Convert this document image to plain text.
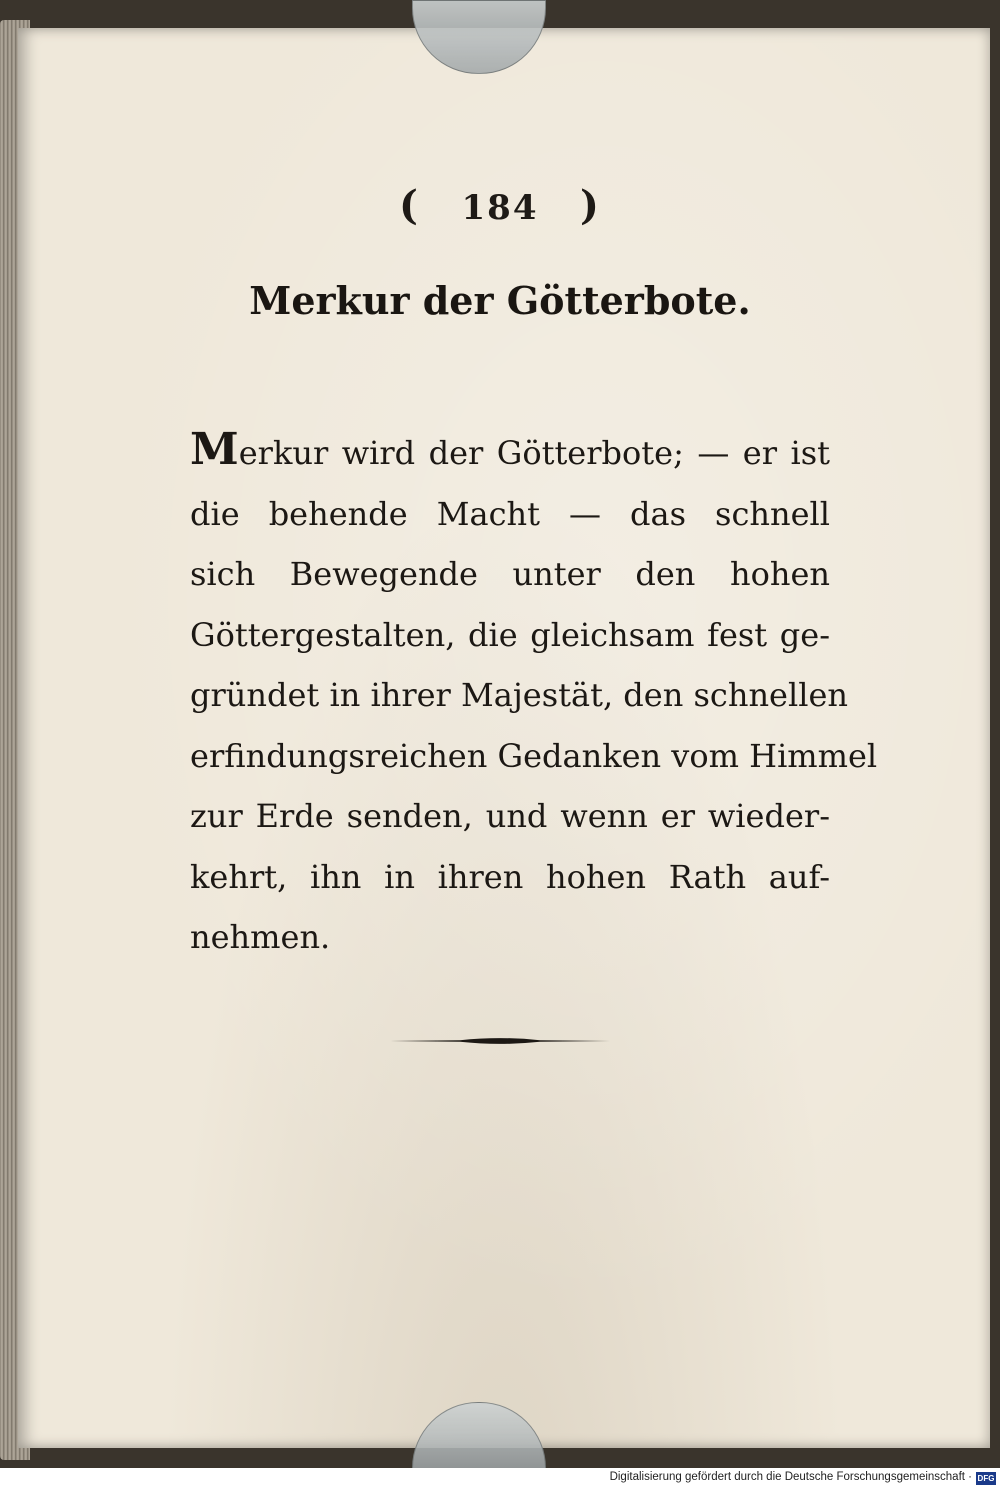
( 184 )
Merkur der Götterbote.
Merkur wird der Götterbote; — er ist
die behende Macht — das schnell
sich Bewegende unter den hohen
Göttergestalten, die gleichsam fest ge-
gründet in ihrer Majestät, den schnellen
erfindungsreichen Gedanken vom Himmel
zur Erde senden, und wenn er wieder-
kehrt, ihn in ihren hohen Rath auf-
nehmen.
Digitalisierung gefördert durch die Deutsche Forschungsgemeinschaft · DFG
